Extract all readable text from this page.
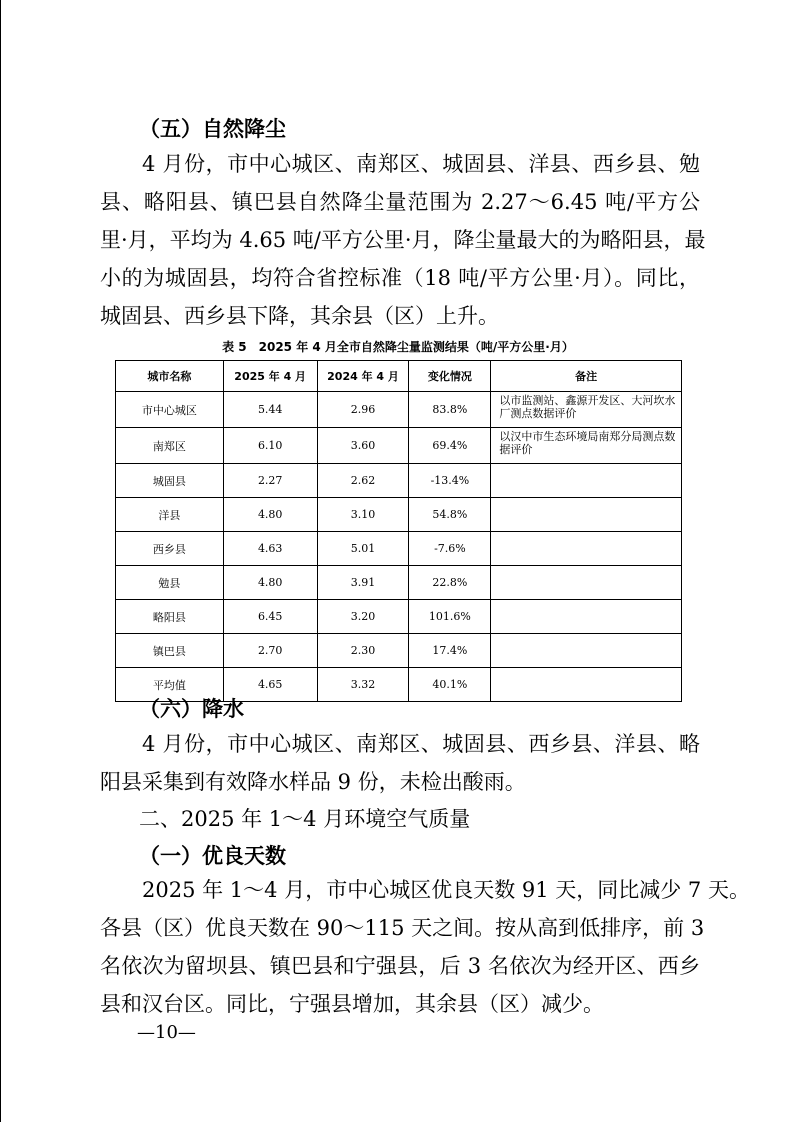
（五）自然降尘
4 月份，市中心城区、南郑区、城固县、洋县、西乡县、勉
县、略阳县、镇巴县自然降尘量范围为 2.27～6.45 吨/平方公
里·月，平均为 4.65 吨/平方公里·月，降尘量最大的为略阳县，最
小的为城固县，均符合省控标准（18 吨/平方公里·月）。同比，
城固县、西乡县下降，其余县（区）上升。
表 5　2025 年 4 月全市自然降尘量监测结果（吨/平方公里·月）
城市名称	2025 年 4 月	2024 年 4 月	变化情况	备注
市中心城区	5.44	2.96	83.8%	以市监测站、鑫源开发区、大河坎水厂测点数据评价
南郑区	6.10	3.60	69.4%	以汉中市生态环境局南郑分局测点数据评价
城固县	2.27	2.62	-13.4%	
洋县	4.80	3.10	54.8%	
西乡县	4.63	5.01	-7.6%	
勉县	4.80	3.91	22.8%	
略阳县	6.45	3.20	101.6%	
镇巴县	2.70	2.30	17.4%	
平均值	4.65	3.32	40.1%	
（六）降水
4 月份，市中心城区、南郑区、城固县、西乡县、洋县、略
阳县采集到有效降水样品 9 份，未检出酸雨。
二、2025 年 1～4 月环境空气质量
（一）优良天数
2025 年 1～4 月，市中心城区优良天数 91 天，同比减少 7 天。
各县（区）优良天数在 90～115 天之间。按从高到低排序，前 3
名依次为留坝县、镇巴县和宁强县，后 3 名依次为经开区、西乡
县和汉台区。同比，宁强县增加，其余县（区）减少。
—10—
